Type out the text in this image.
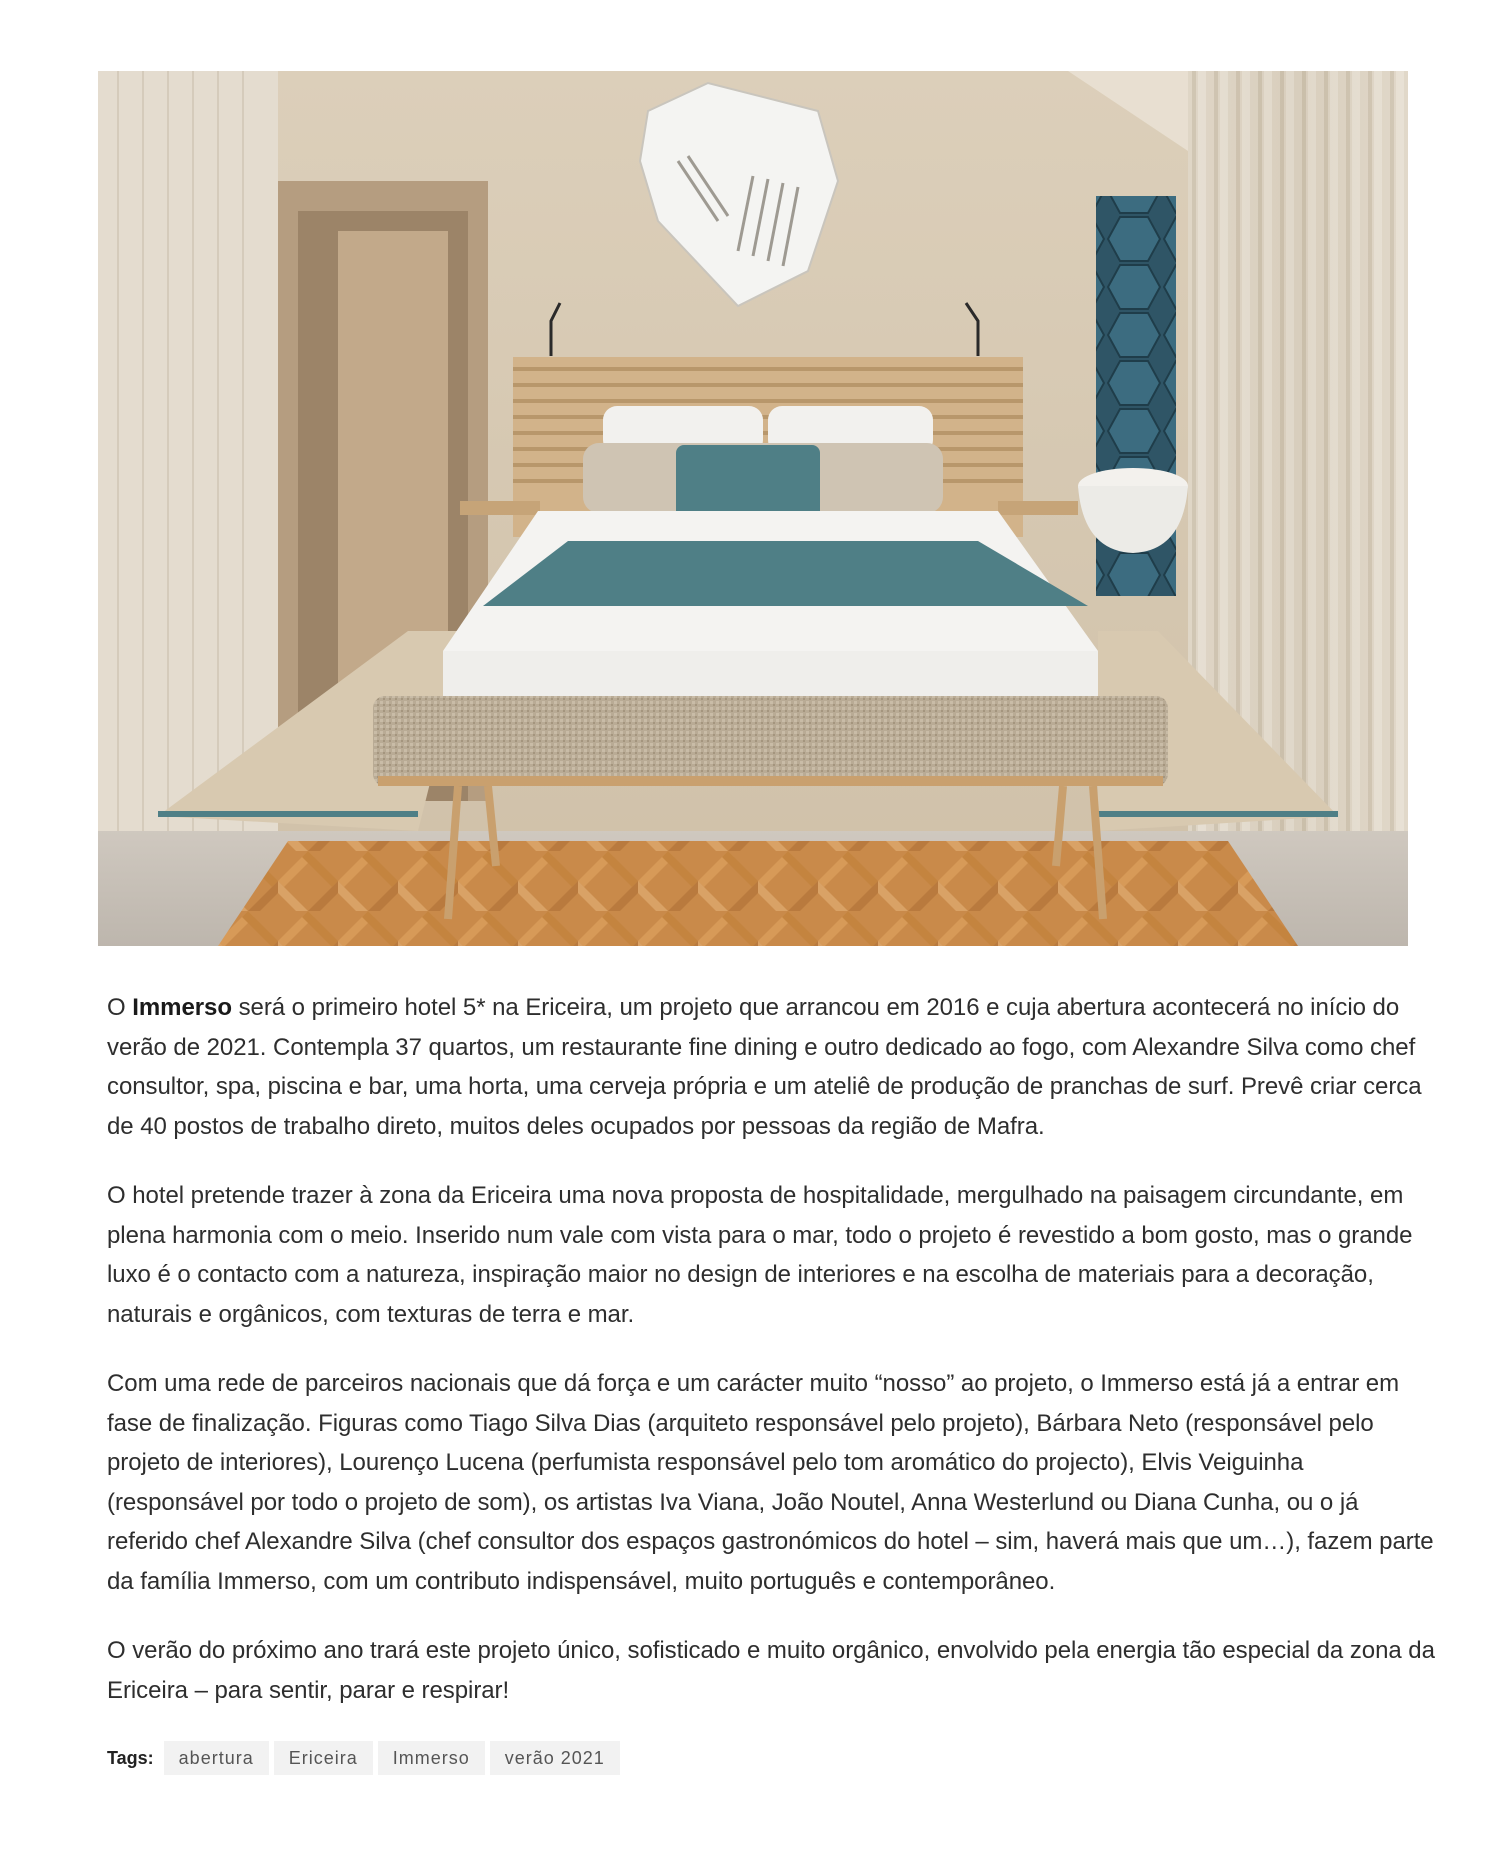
O Immerso será o primeiro hotel 5* na Ericeira, um projeto que arrancou em 2016 e cuja abertura acontecerá no início do verão de 2021. Contempla 37 quartos, um restaurante fine dining e outro dedicado ao fogo, com Alexandre Silva como chef consultor, spa, piscina e bar, uma horta, uma cerveja própria e um ateliê de produção de pranchas de surf. Prevê criar cerca de 40 postos de trabalho direto, muitos deles ocupados por pessoas da região de Mafra.

O hotel pretende trazer à zona da Ericeira uma nova proposta de hospitalidade, mergulhado na paisagem circundante, em plena harmonia com o meio. Inserido num vale com vista para o mar, todo o projeto é revestido a bom gosto, mas o grande luxo é o contacto com a natureza, inspiração maior no design de interiores e na escolha de materiais para a decoração, naturais e orgânicos, com texturas de terra e mar.

Com uma rede de parceiros nacionais que dá força e um carácter muito “nosso” ao projeto, o Immerso está já a entrar em fase de finalização. Figuras como Tiago Silva Dias (arquiteto responsável pelo projeto), Bárbara Neto (responsável pelo projeto de interiores), Lourenço Lucena (perfumista responsável pelo tom aromático do projecto), Elvis Veiguinha (responsável por todo o projeto de som), os artistas Iva Viana, João Noutel, Anna Westerlund ou Diana Cunha, ou o já referido chef Alexandre Silva (chef consultor dos espaços gastronómicos do hotel – sim, haverá mais que um…), fazem parte da família Immerso, com um contributo indispensável, muito português e contemporâneo.

O verão do próximo ano trará este projeto único, sofisticado e muito orgânico, envolvido pela energia tão especial da zona da Ericeira – para sentir, parar e respirar!

Tags:	abertura	Ericeira	Immerso	verão 2021
